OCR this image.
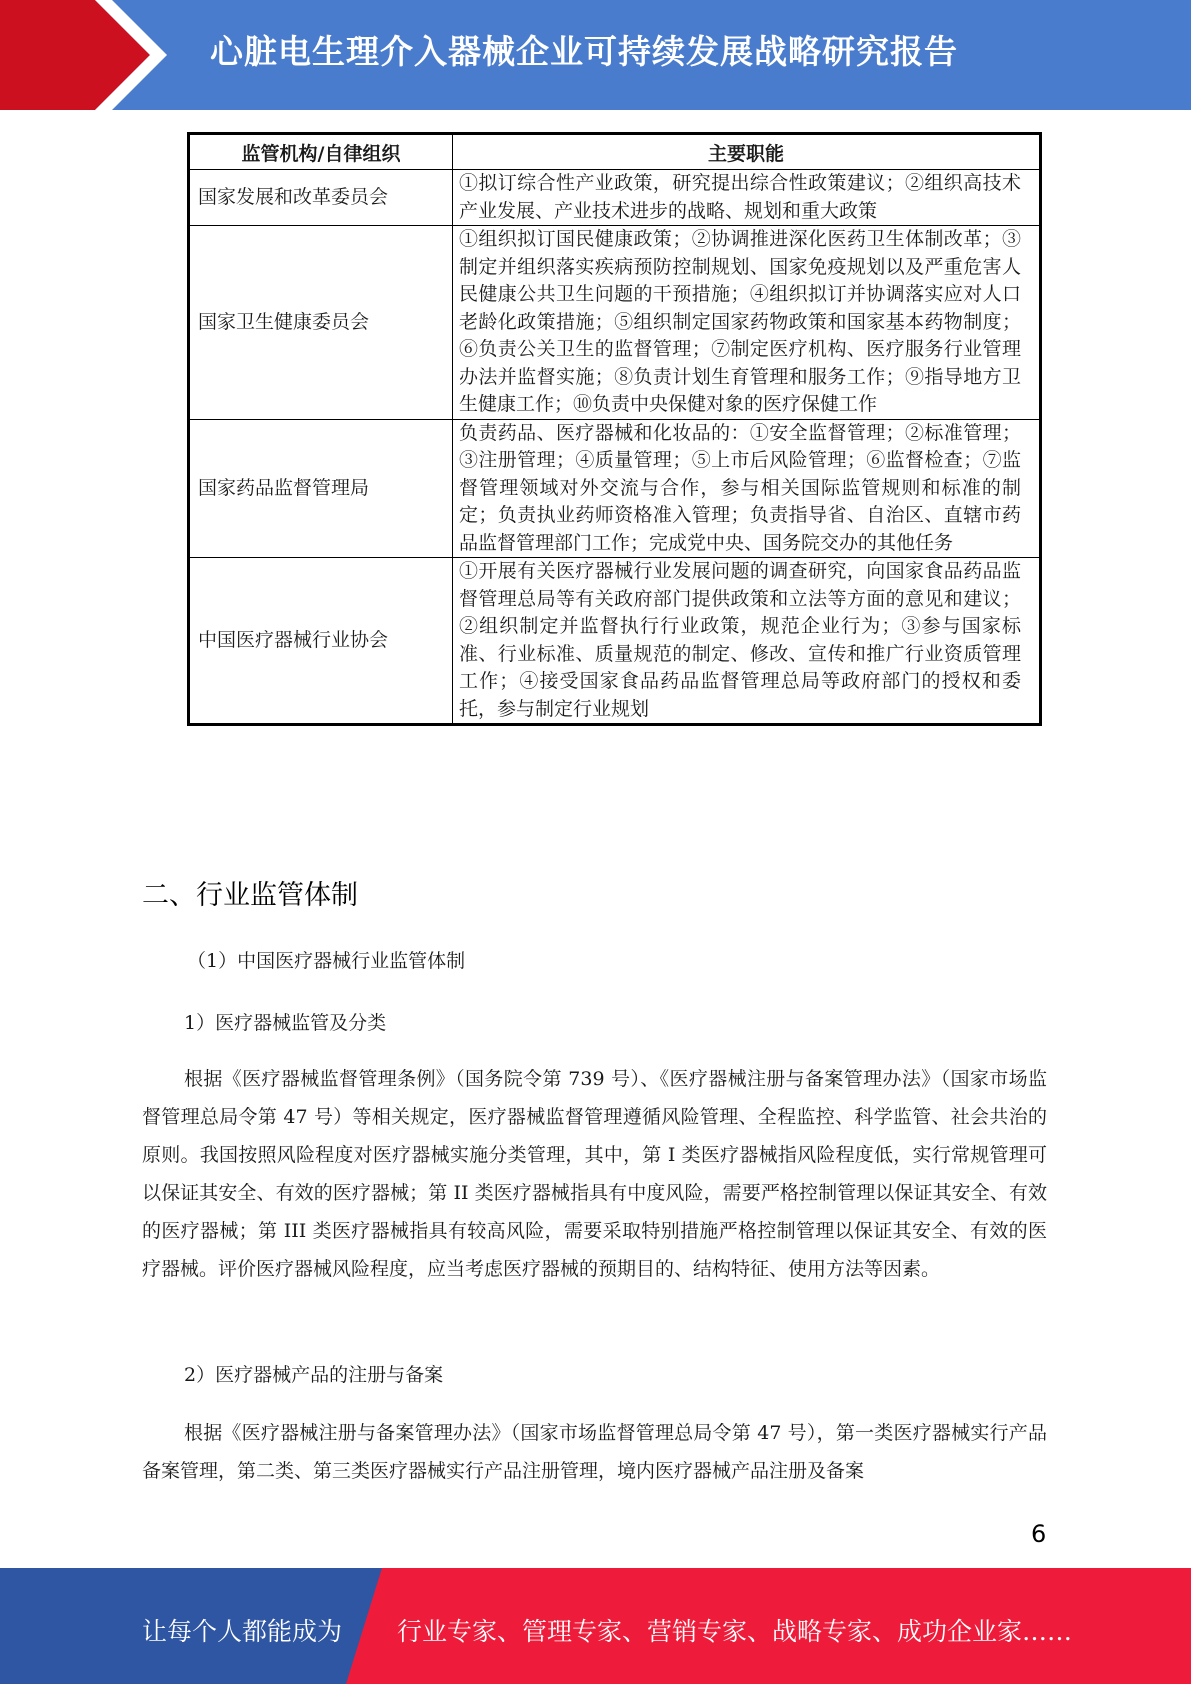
心脏电生理介入器械企业可持续发展战略研究报告
监管机构/自律组织	主要职能
国家发展和改革委员会	①拟订综合性产业政策，研究提出综合性政策建议；②组织高技术产业发展、产业技术进步的战略、规划和重大政策
国家卫生健康委员会	①组织拟订国民健康政策；②协调推进深化医药卫生体制改革；③制定并组织落实疾病预防控制规划、国家免疫规划以及严重危害人民健康公共卫生问题的干预措施；④组织拟订并协调落实应对人口老龄化政策措施；⑤组织制定国家药物政策和国家基本药物制度；⑥负责公关卫生的监督管理；⑦制定医疗机构、医疗服务行业管理办法并监督实施；⑧负责计划生育管理和服务工作；⑨指导地方卫生健康工作；⑩负责中央保健对象的医疗保健工作
国家药品监督管理局	负责药品、医疗器械和化妆品的：①安全监督管理；②标准管理；③注册管理；④质量管理；⑤上市后风险管理；⑥监督检查；⑦监督管理领域对外交流与合作，参与相关国际监管规则和标准的制定；负责执业药师资格准入管理；负责指导省、自治区、直辖市药品监督管理部门工作；完成党中央、国务院交办的其他任务
中国医疗器械行业协会	①开展有关医疗器械行业发展问题的调查研究，向国家食品药品监督管理总局等有关政府部门提供政策和立法等方面的意见和建议；②组织制定并监督执行行业政策，规范企业行为；③参与国家标准、行业标准、质量规范的制定、修改、宣传和推广行业资质管理工作；④接受国家食品药品监督管理总局等政府部门的授权和委托，参与制定行业规划
二、行业监管体制
（1）中国医疗器械行业监管体制
1）医疗器械监管及分类

根据《医疗器械监督管理条例》（国务院令第 739 号）、《医疗器械注册与备案管理办法》（国家市场监督管理总局令第 47 号）等相关规定，医疗器械监督管理遵循风险管理、全程监控、科学监管、社会共治的原则。我国按照风险程度对医疗器械实施分类管理，其中，第 I 类医疗器械指风险程度低，实行常规管理可以保证其安全、有效的医疗器械；第 II 类医疗器械指具有中度风险，需要严格控制管理以保证其安全、有效的医疗器械；第 III 类医疗器械指具有较高风险，需要采取特别措施严格控制管理以保证其安全、有效的医疗器械。评价医疗器械风险程度，应当考虑医疗器械的预期目的、结构特征、使用方法等因素。

2）医疗器械产品的注册与备案

根据《医疗器械注册与备案管理办法》（国家市场监督管理总局令第 47 号），第一类医疗器械实行产品备案管理，第二类、第三类医疗器械实行产品注册管理，境内医疗器械产品注册及备案

6
让每个人都能成为 行业专家、管理专家、营销专家、战略专家、成功企业家……
